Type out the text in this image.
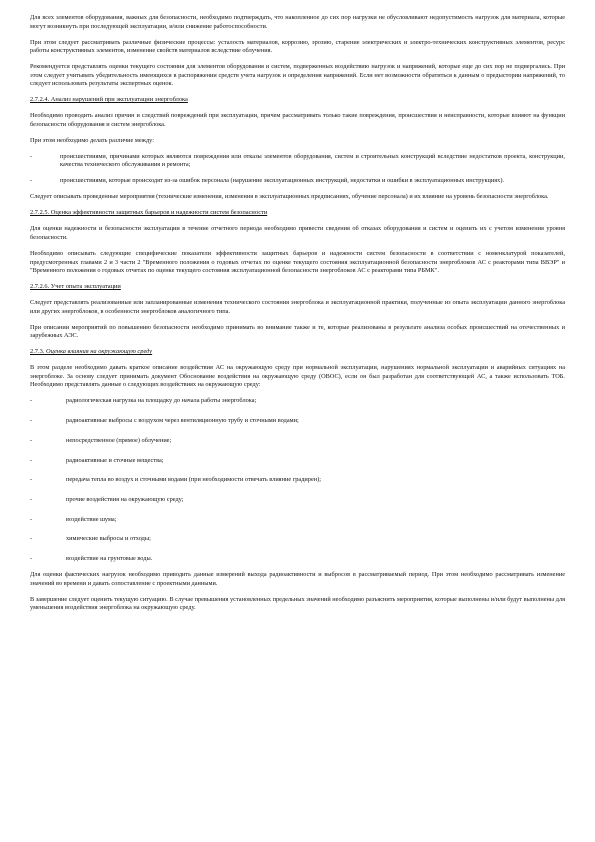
Для всех элементов оборудования, важных для безопасности, необходимо подтверждать, что накопленное до сих пор нагрузки не обусловливают недопустимость нагрузок для материала, которые могут возникнуть при последующей эксплуатации, и/или снижение работоспособности.

При этом следует рассматривать различные физические процессы: усталость материалов, коррозию, эрозию, старение электрических и электро-технических конструктивных элементов, ресурс работы конструктивных элементов, изменение свойств материалов вследствие облучения.

Рекомендуется представлять оценки текущего состояния для элементов оборудования и систем, подверженных воздействию нагрузок и напряжений, которые еще до сих пор не подвергались. При этом следует учитывать убедительность имеющихся в распоряжении средств учета нагрузок и определения напряжений. Если нет возможности обратиться к данным о предыстории напряжений, то следует использовать результаты экспертных оценок.

2.7.2.4. Анализ нарушений при эксплуатации энергоблока

Необходимо проводить анализ причин и следствий повреждений при эксплуатации, причем рассматривать только такие повреждения, происшествия и неисправности, которые влияют на функции безопасности оборудования и систем энергоблока.

При этом необходимо делать различие между:

-	происшествиями, причинами которых являются повреждения или отказы элементов оборудования, систем и строительных конструкций вследствие недостатков проекта, конструкции, качества технического обслуживания и ремонта;

-	происшествиями, которые происходят из-за ошибок персонала (нарушение эксплуатационных инструкций, недостатки и ошибки в эксплуатационных инструкциях).

Следует описывать проведенные мероприятия (технические изменения, изменения в эксплуатационных предписаниях, обучение персонала) и их влияние на уровень безопасности энергоблока.

2.7.2.5. Оценка эффективности защитных барьеров и надежности систем безопасности

Для оценки надежности и безопасности эксплуатации в течение отчетного периода необходимо привести сведения об отказах оборудования и систем и оценить их с учетом изменения уровня безопасности.

Необходимо описывать следующие специфические показатели эффективности защитных барьеров и надежности систем безопасности в соответствии с номенклатурой показателей, предусмотренных главами 2 и 3 части 2 "Временного положения о годовых отчетах по оценке текущего состояния эксплуатационной безопасности энергоблоков АС с реакторами типа ВВЭР" и "Временного положения о годовых отчетах по оценке текущего состояния эксплуатационной безопасности энергоблоков АС с реакторами типа РБМК".

2.7.2.6. Учет опыта эксплуатации

Следует представлять реализованные или запланированные изменения технического состояния энергоблока и эксплуатационной практики, полученные из опыта эксплуатации данного энергоблока или других энергоблоков, в особенности энергоблоков аналогичного типа.

При описании мероприятий по повышению безопасности необходимо принимать во внимание также и те, которые реализованы в результате анализа особых происшествий на отечественных и зарубежных АЭС.

2.7.3. Оценка влияния на окружающую среду

В этом разделе необходимо давать краткое описание воздействия АС на окружающую среду при нормальной эксплуатации, нарушениях нормальной эксплуатации и аварийных ситуациях на энергоблоке. За основу следует принимать документ Обоснование воздействия на окружающую среду (ОВОС), если он был разработан для соответствующей АС, а также использовать ТОБ. Необходимо представлять данные о следующих воздействиях на окружающую среду:

-	радиологическая нагрузка на площадку до начала работы энергоблока;
-	радиоактивные выбросы с воздухом через вентиляционную трубу и сточными водами;
-	непосредственное (прямое) облучение;
-	радиоактивные и сточные вещества;
-	передача тепла во воздух и сточными водами (при необходимости отвечать влияние градирен);
-	прочие воздействия на окружающую среду;
-	воздействие шума;
-	химические выбросы и отходы;
-	воздействие на грунтовые воды.

Для оценки фактических нагрузок необходимо приводить данные измерений выхода радиоактивности и выбросов в рассматриваемый период. При этом необходимо рассматривать изменение значений во времени и давать сопоставление с проектными данными.

В завершение следует оценить текущую ситуацию. В случае превышения установленных предельных значений необходимо разъяснить мероприятия, которые выполнены и/или будут выполнены для уменьшения воздействия энергоблока на окружающую среду.
